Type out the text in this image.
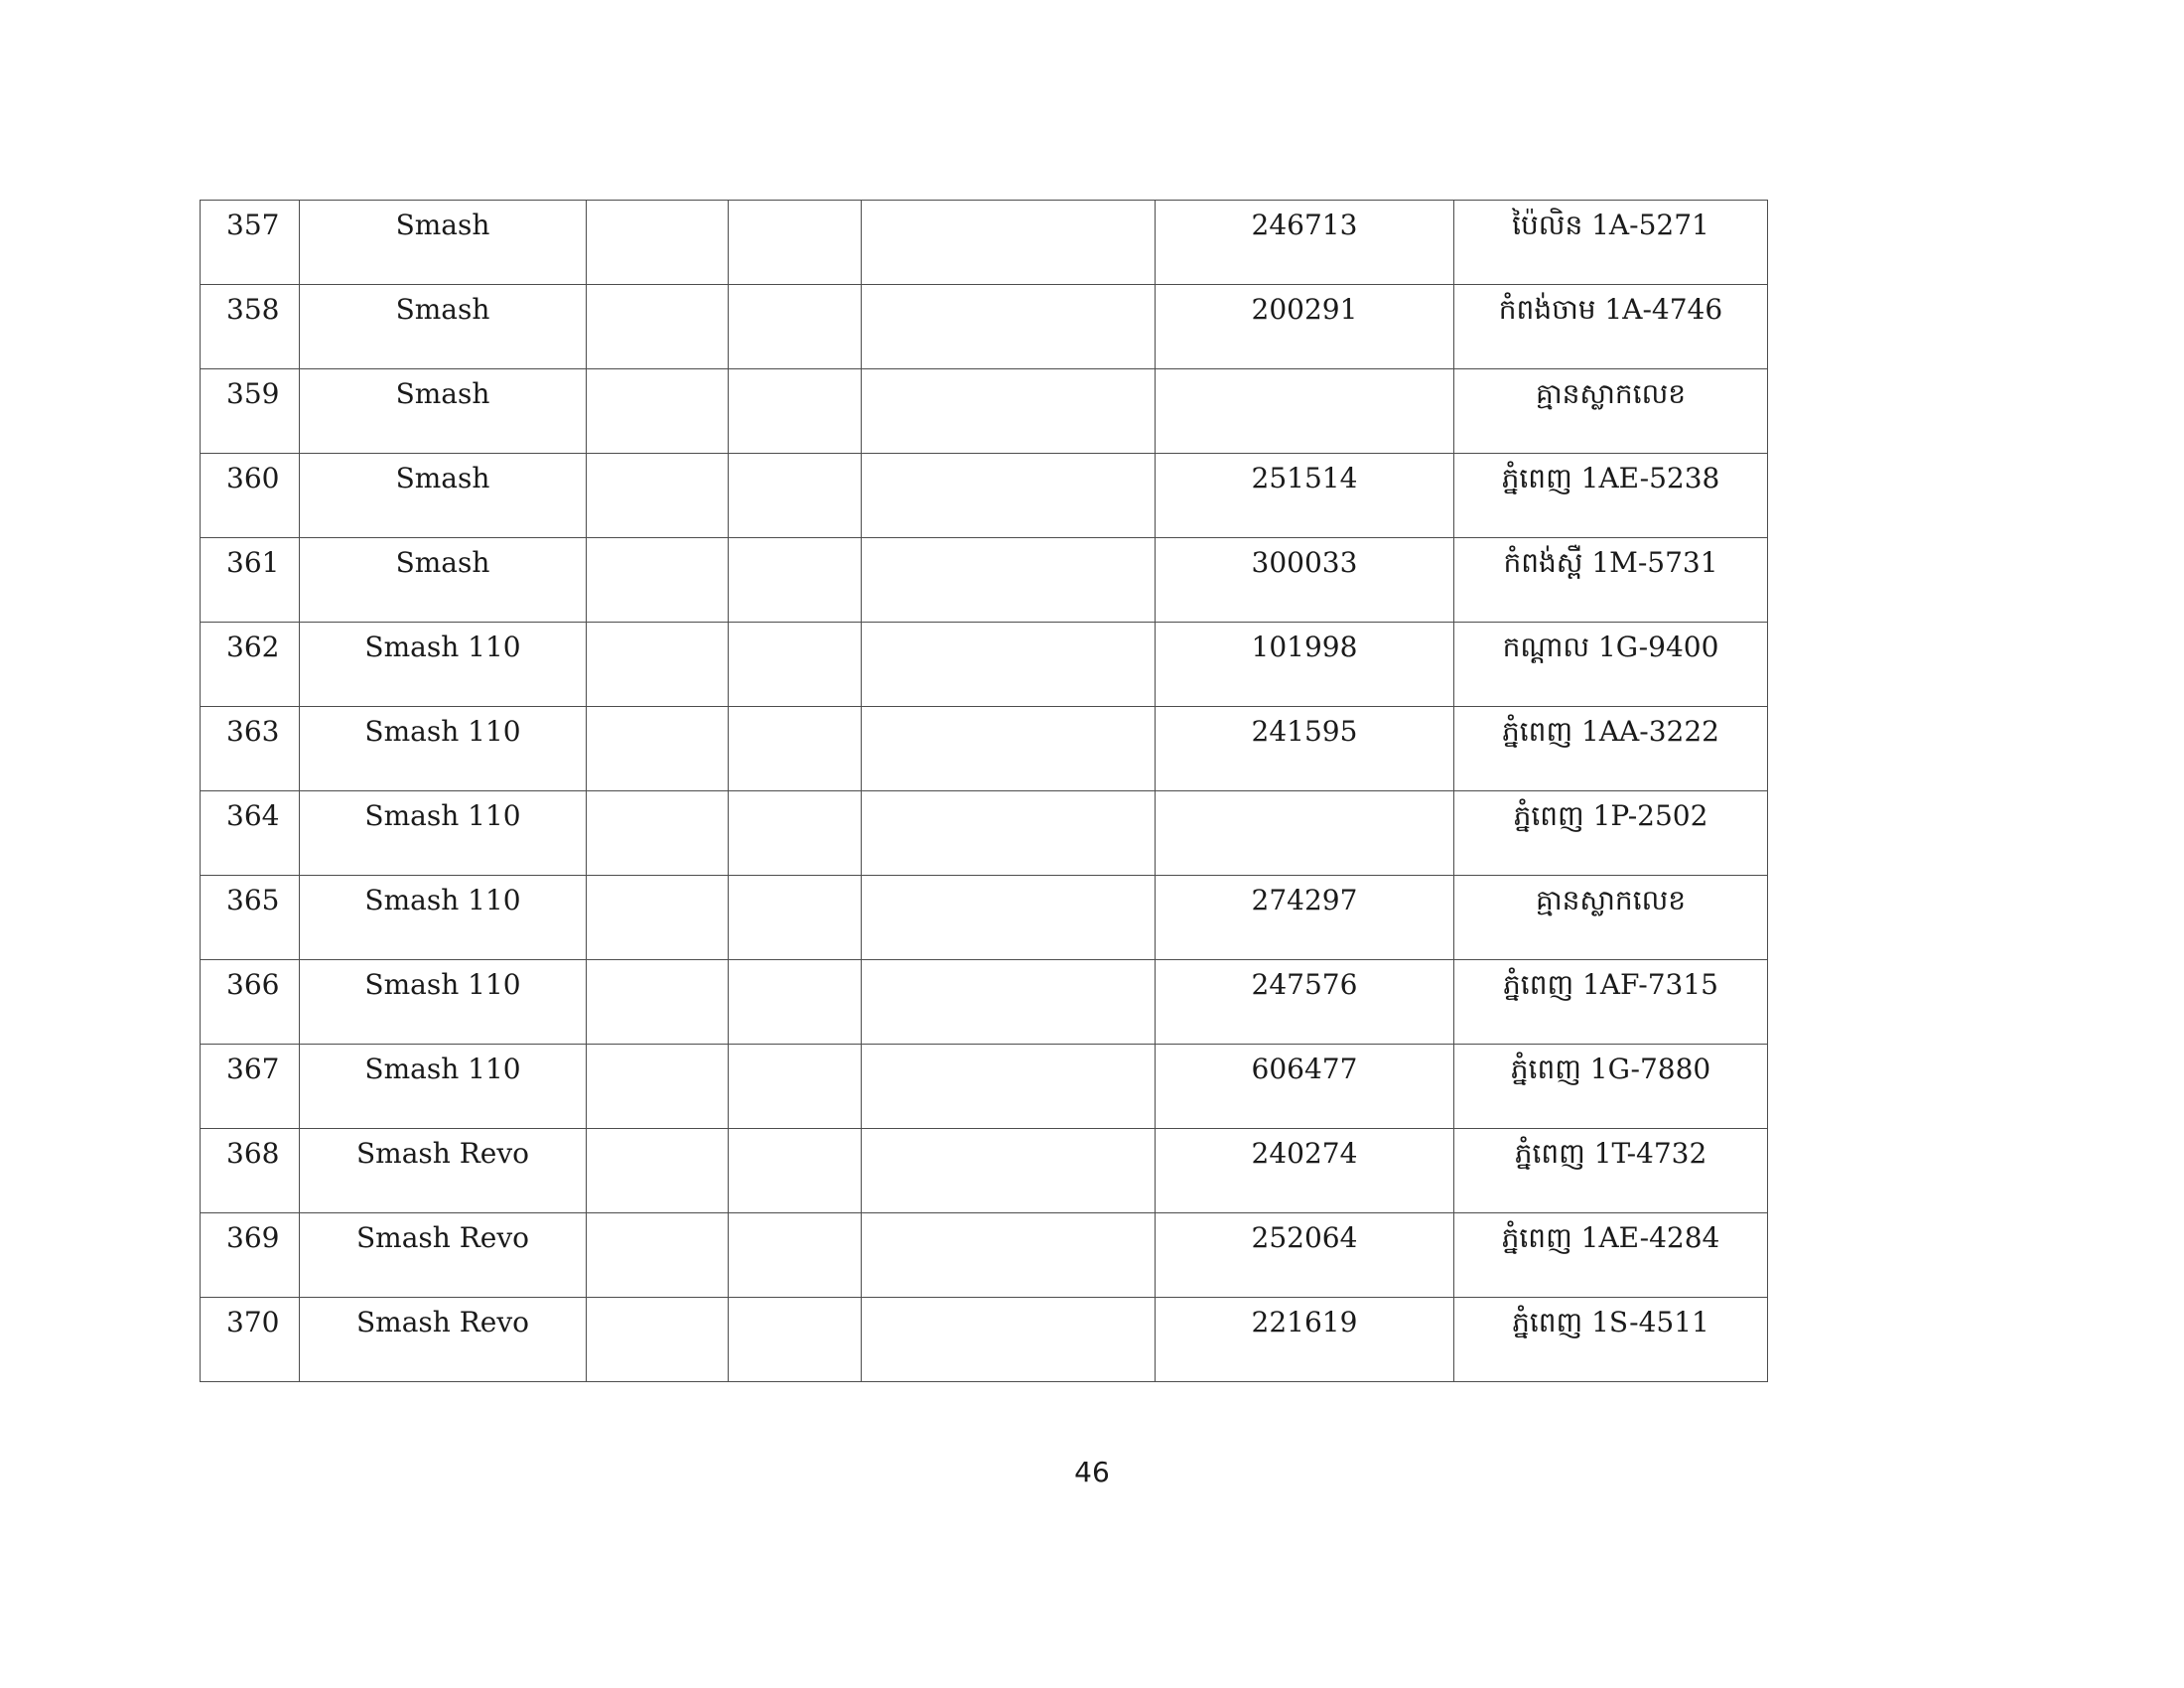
357	Smash				246713	ប៉ៃលិន 1A-5271

358	Smash				200291	កំពង់ចាម 1A-4746

359	Smash					គ្មានស្លាកលេខ

360	Smash				251514	ភ្នំពេញ 1AE-5238

361	Smash				300033	កំពង់ស្ពឺ 1M-5731

362	Smash 110				101998	កណ្ដាល 1G-9400

363	Smash 110				241595	ភ្នំពេញ 1AA-3222

364	Smash 110					ភ្នំពេញ 1P-2502

365	Smash 110				274297	គ្មានស្លាកលេខ

366	Smash 110				247576	ភ្នំពេញ 1AF-7315

367	Smash 110				606477	ភ្នំពេញ 1G-7880

368	Smash Revo				240274	ភ្នំពេញ 1T-4732

369	Smash Revo				252064	ភ្នំពេញ 1AE-4284

370	Smash Revo				221619	ភ្នំពេញ 1S-4511
46
